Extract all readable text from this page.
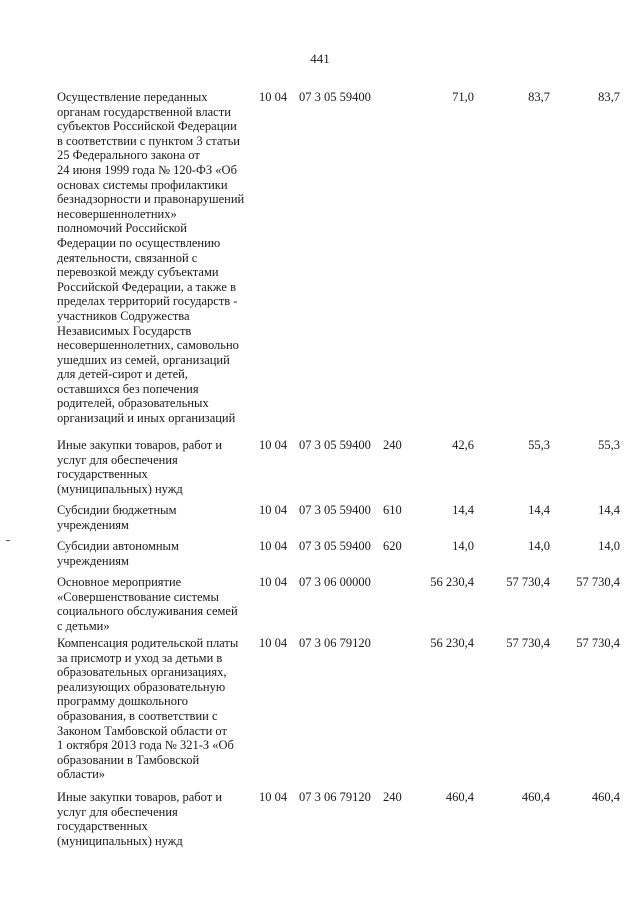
441
Осуществление переданных
органам государственной власти
субъектов Российской Федерации
в соответствии с пунктом 3 статьи
25 Федерального закона от
24 июня 1999 года № 120-ФЗ «Об
основах системы профилактики
безнадзорности и правонарушений
несовершеннолетних»
полномочий Российской
Федерации по осуществлению
деятельности, связанной с
перевозкой между субъектами
Российской Федерации, а также в
пределах территорий государств -
участников Содружества
Независимых Государств
несовершеннолетних, самовольно
ушедших из семей, организаций
для детей-сирот и детей,
оставшихся без попечения
родителей, образовательных
организаций и иных организаций
10 04 07 3 05 59400	71,0	83,7	83,7
Иные закупки товаров, работ и
услуг для обеспечения
государственных
(муниципальных) нужд
10 04 07 3 05 59400 240	42,6	55,3	55,3
Субсидии бюджетным
учреждениям
10 04 07 3 05 59400 610	14,4	14,4	14,4
Субсидии автономным
учреждениям
10 04 07 3 05 59400 620	14,0	14,0	14,0
Основное мероприятие
«Совершенствование системы
социального обслуживания семей
с детьми»
10 04 07 3 06 00000	56 230,4	57 730,4	57 730,4
Компенсация родительской платы
за присмотр и уход за детьми в
образовательных организациях,
реализующих образовательную
программу дошкольного
образования, в соответствии с
Законом Тамбовской области от
1 октября 2013 года № 321-З «Об
образовании в Тамбовской
области»
10 04 07 3 06 79120	56 230,4	57 730,4	57 730,4
Иные закупки товаров, работ и
услуг для обеспечения
государственных
(муниципальных) нужд
10 04 07 3 06 79120 240	460,4	460,4	460,4
